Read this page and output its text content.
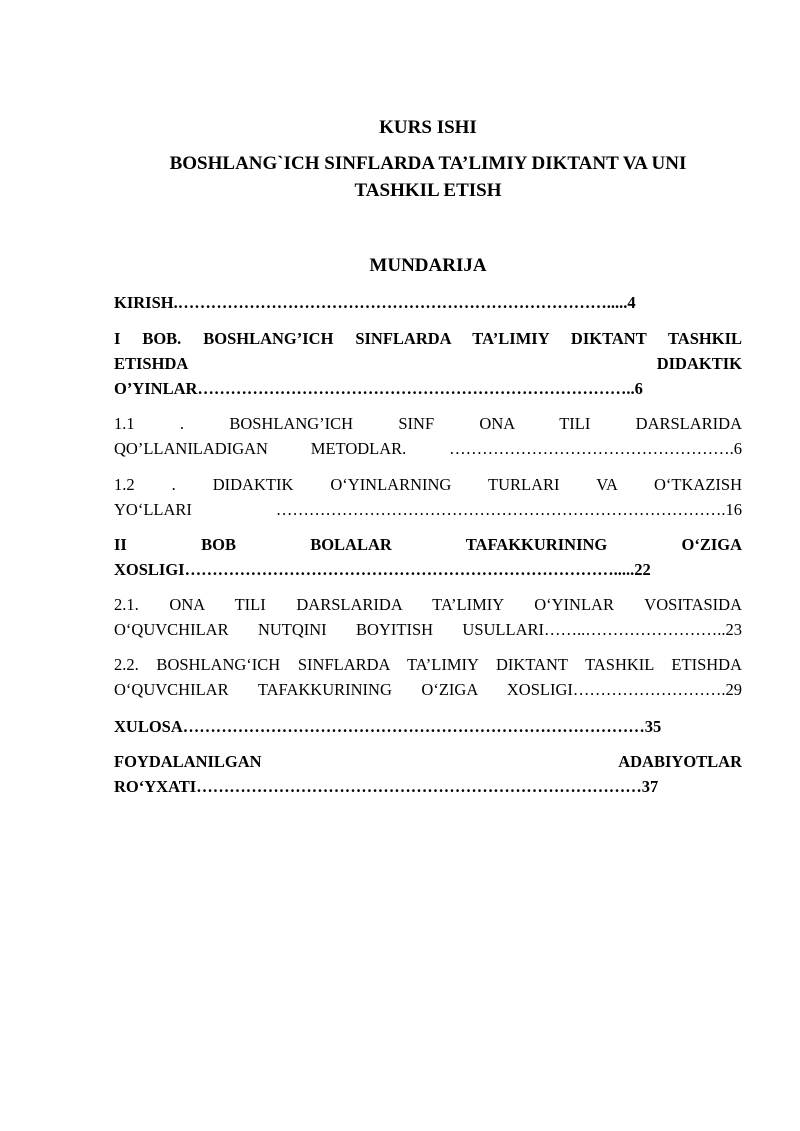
KURS ISHI
BOSHLANG`ICH SINFLARDA TA’LIMIY DIKTANT VA UNI
TASHKIL ETISH
MUNDARIJA
KIRISH.…………………………………………………………………….....4
I BOB. BOSHLANG’ICH SINFLARDA TA’LIMIY DIKTANT TASHKIL
ETISHDA DIDAKTIK
O’YINLAR……………………………………………………………………..6
1.1 . BOSHLANG’ICH SINF ONA TILI DARSLARIDA
QO’LLANILADIGAN METODLAR. …………………………………………….6
1.2 . DIDAKTIK O‘YINLARNING TURLARI VA O‘TKAZISH
YO‘LLARI ……………………………………………………………………….16
II BOB BOLALAR TAFAKKURINING O‘ZIGA
XOSLIGI…………………………………………………………………….....22
2.1. ONA TILI DARSLARIDA TA’LIMIY O‘YINLAR VOSITASIDA
O‘QUVCHILAR NUTQINI BOYITISH USULLARI……..……………………..23
2.2. BOSHLANG‘ICH SINFLARDA TA’LIMIY DIKTANT TASHKIL ETISHDA
O‘QUVCHILAR TAFAKKURINING O‘ZIGA XOSLIGI……………………….29
XULOSA…………………………………………………………………………35
FOYDALANILGAN ADABIYOTLAR
RO‘YXATI………………………………………………………………………37
